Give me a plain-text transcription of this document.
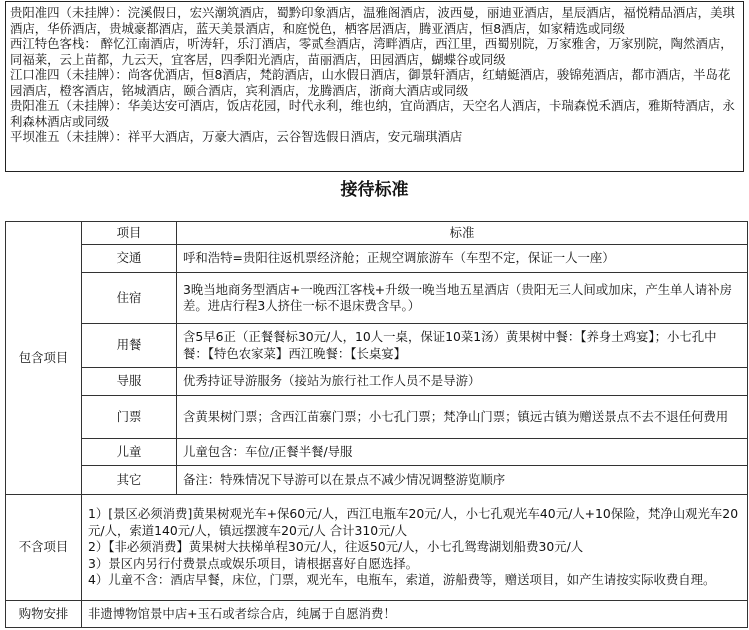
贵阳准四（未挂牌）：浣溪假日，宏兴潮筑酒店，蜀黔印象酒店，温雅阁酒店，波西曼，丽迪亚酒店，星辰酒店，福悦精品酒店，美琪酒店，华侨酒店，贵城豪都酒店，蓝天美景酒店，和庭悦色，栖客居酒店，腾亚酒店，恒8酒店，如家精选或同级
西江特色客栈： 醉忆江南酒店，听涛轩，乐汀酒店，零贰叁酒店，湾畔酒店，西江里，西蜀别院，万家雅舍，万家别院，陶然酒店，同福莱，云上苗都，九云天，宜客居，四季阳光酒店，苗丽酒店，田园酒店，蝴蝶谷或同级
江口准四（未挂牌）：尚客优酒店，恒8酒店，梵韵酒店，山水假日酒店，御景轩酒店，红蜻蜓酒店，骏锦苑酒店，都市酒店，半岛花园酒店，橙客酒店，铭城酒店，颐合酒店，宾利酒店，龙腾酒店，浙商大酒店或同级
贵阳准五（未挂牌）：华美达安可酒店，饭店花园，时代永利，维也纳，宜尚酒店，天空名人酒店，卡瑞森悦禾酒店，雅斯特酒店，永利森林酒店或同级
平坝准五（未挂牌）：祥平大酒店，万豪大酒店，云谷智选假日酒店，安元瑞琪酒店
接待标准
包含项目	项目	标准
	交通	呼和浩特=贵阳往返机票经济舱；正规空调旅游车（车型不定，保证一人一座）
	住宿	3晚当地商务型酒店+一晚西江客栈+升级一晚当地五星酒店（贵阳无三人间或加床，产生单人请补房差。进店行程3人挤住一标不退床费含早。）
	用餐	含5早6正（正餐餐标30元/人，10人一桌，保证10菜1汤）黄果树中餐：【养身土鸡宴】；小七孔中餐：【特色农家菜】西江晚餐：【长桌宴】
	导服	优秀持证导游服务（接站为旅行社工作人员不是导游）
	门票	含黄果树门票；含西江苗寨门票；小七孔门票；梵净山门票；镇远古镇为赠送景点不去不退任何费用
	儿童	儿童包含：车位/正餐半餐/导服
	其它	备注：特殊情况下导游可以在景点不减少情况调整游览顺序
不含项目	1）[景区必须消费]黄果树观光车+保60元/人，西江电瓶车20元/人，小七孔观光车40元/人+10保险，梵净山观光车20元/人，索道140元/人，镇远摆渡车20元/人 合计310元/人
2）【非必须消费】黄果树大扶梯单程30元/人，往返50元/人，小七孔鸳鸯湖划船费30元/人
3）景区内另行付费景点或娱乐项目，请根据喜好自愿选择。
4）儿童不含：酒店早餐，床位，门票，观光车，电瓶车，索道，游船费等，赠送项目，如产生请按实际收费自理。	

购物安排	非遗博物馆景中店+玉石或者综合店，纯属于自愿消费！	
